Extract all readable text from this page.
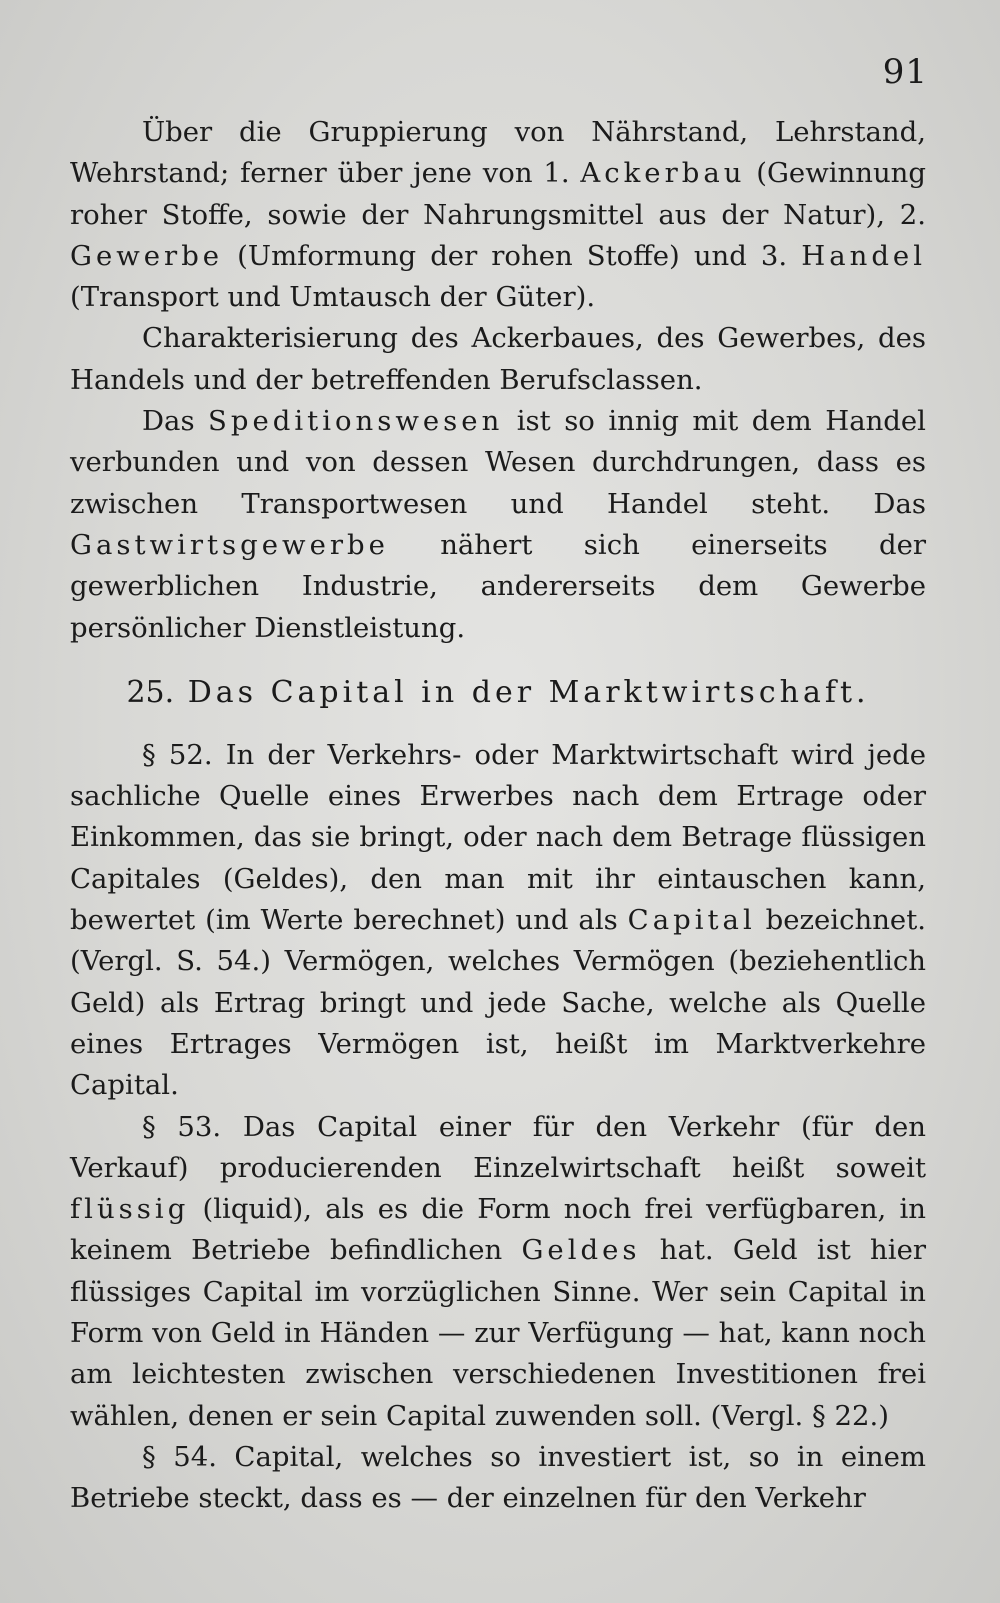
91

Über die Gruppierung von Nährstand, Lehrstand, Wehrstand; ferner über jene von 1. Ackerbau (Gewinnung roher Stoffe, sowie der Nahrungsmittel aus der Natur), 2. Gewerbe (Umformung der rohen Stoffe) und 3. Handel (Transport und Umtausch der Güter).

Charakterisierung des Ackerbaues, des Gewerbes, des Handels und der betreffenden Berufsclassen.

Das Speditionswesen ist so innig mit dem Handel verbunden und von dessen Wesen durchdrungen, dass es zwischen Transportwesen und Handel steht. Das Gastwirtsgewerbe nähert sich einerseits der gewerblichen Industrie, andererseits dem Gewerbe persönlicher Dienstleistung.

25. Das Capital in der Marktwirtschaft.

§ 52. In der Verkehrs- oder Marktwirtschaft wird jede sachliche Quelle eines Erwerbes nach dem Ertrage oder Einkommen, das sie bringt, oder nach dem Betrage flüssigen Capitales (Geldes), den man mit ihr eintauschen kann, bewertet (im Werte berechnet) und als Capital bezeichnet. (Vergl. S. 54.) Vermögen, welches Vermögen (beziehentlich Geld) als Ertrag bringt und jede Sache, welche als Quelle eines Ertrages Vermögen ist, heißt im Marktverkehre Capital.

§ 53. Das Capital einer für den Verkehr (für den Verkauf) producierenden Einzelwirtschaft heißt soweit flüssig (liquid), als es die Form noch frei verfügbaren, in keinem Betriebe befindlichen Geldes hat. Geld ist hier flüssiges Capital im vorzüglichen Sinne. Wer sein Capital in Form von Geld in Händen — zur Verfügung — hat, kann noch am leichtesten zwischen verschiedenen Investitionen frei wählen, denen er sein Capital zuwenden soll. (Vergl. § 22.)

§ 54. Capital, welches so investiert ist, so in einem Betriebe steckt, dass es — der einzelnen für den Verkehr
